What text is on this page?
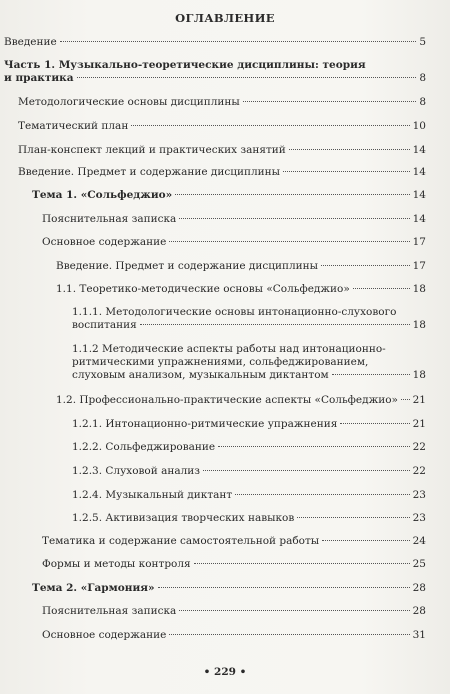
ОГЛАВЛЕНИЕ
Введение	5
Часть 1. Музыкально-теоретические дисциплины: теория
и практика	8
Методологические основы дисциплины	8
Тематический план	10
План-конспект лекций и практических занятий	14
Введение. Предмет и содержание дисциплины	14
Тема 1. «Сольфеджио»	14
Пояснительная записка	14
Основное содержание	17
Введение. Предмет и содержание дисциплины	17
1.1. Теоретико-методические основы «Сольфеджио»	18
1.1.1. Методологические основы интонационно-слухового
воспитания	18
1.1.2 Методические аспекты работы над интонационно-
ритмическими упражнениями, сольфеджированием,
слуховым анализом, музыкальным диктантом	18
1.2. Профессионально-практические аспекты «Сольфеджио» 21
1.2.1. Интонационно-ритмические упражнения	21
1.2.2. Сольфеджирование	22
1.2.3. Слуховой анализ	22
1.2.4. Музыкальный диктант	23
1.2.5. Активизация творческих навыков	23
Тематика и содержание самостоятельной работы	24
Формы и методы контроля	25
Тема 2. «Гармония»	28
Пояснительная записка	28
Основное содержание	31
• 229 •
